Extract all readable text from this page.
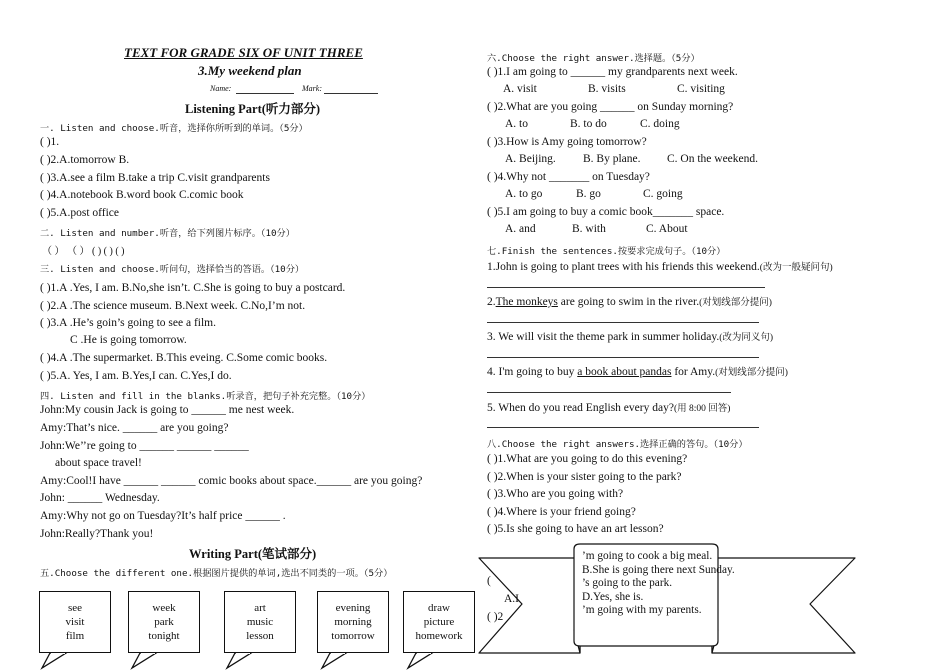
TEXT FOR GRADE SIX OF UNIT THREE
3.My weekend plan
Name:	Mark:
Listening Part(听力部分)
一. Listen and choose.听音，选择你所听到的单词。（5分）
( )1.
( )2.A.tomorrow B.
( )3.A.see a film B.take a trip C.visit grandparents
( )4.A.notebook B.word book C.comic book
( )5.A.post office
二. Listen and number.听音，给下列图片标序。（10分）
（ ） （ ） ( ) ( ) ( )
三. Listen and choose.听问句，选择恰当的答语。（10分）
( )1.A .Yes, I am. B.No,she isn’t. C.She is going to buy a postcard.
( )2.A .The science museum. B.Next week. C.No,I’m not.
( )3.A .He’s goin’s going to see a film.
C .He is going tomorrow.
( )4.A .The supermarket. B.This eveing. C.Some comic books.
( )5.A. Yes, I am. B.Yes,I can. C.Yes,I do.
四. Listen and fill in the blanks.听录音，把句子补充完整。（10分）
John:My cousin Jack is going to ______ me nest week.
Amy:That’s nice. ______ are you going?
John:We’’re going to ______ ______ ______
about space travel!
Amy:Cool!I have ______ ______ comic books about space.______ are you going?
John: ______ Wednesday.
Amy:Why not go on Tuesday?It’s half price ______ .
John:Really?Thank you!
Writing Part(笔试部分)
五.Choose the different one.根据图片提供的单词,选出不同类的一项。（5分）
see
visit
film
week
park
tonight
art
music
lesson
evening
morning
tomorrow
draw
picture
homework
六.Choose the right answer.选择题。（5分）
( )1.I am going to ______ my grandparents next week.
A. visit	B. visits	C. visiting
( )2.What are you going ______ on Sunday morning?
A. to	B. to do	C. doing
( )3.How is Amy going tomorrow?
A. Beijing. B. By plane. C. On the weekend.
( )4.Why not _______ on Tuesday?
A. to go	B. go	C. going
( )5.I am going to buy a comic book_______ space.
A. and	B. with	C. About
七.Finish the sentences.按要求完成句子。（10分）
1.John is going to plant trees with his friends this weekend.(改为一般疑问句)
2.The monkeys are going to swim in the river.(对划线部分提问)
3. We will visit the theme park in summer holiday.(改为同义句)
4. I'm going to buy a book about pandas for Amy.(对划线部分提问)
5. When do you read English every day?(用 8:00 回答)
八.Choose the right answers.选择正确的答句。（10分）
( )1.What are you going to do this evening?
( )2.When is your sister going to the park?
( )3.Who are you going with?
( )4.Where is your friend going?
( )5.Is she going to have an art lesson?
(
A.I
( )2
’m going to cook a big meal.
B.She is going there next Sunday.
’s going to the park.
D.Yes, she is.
’m going with my parents.
